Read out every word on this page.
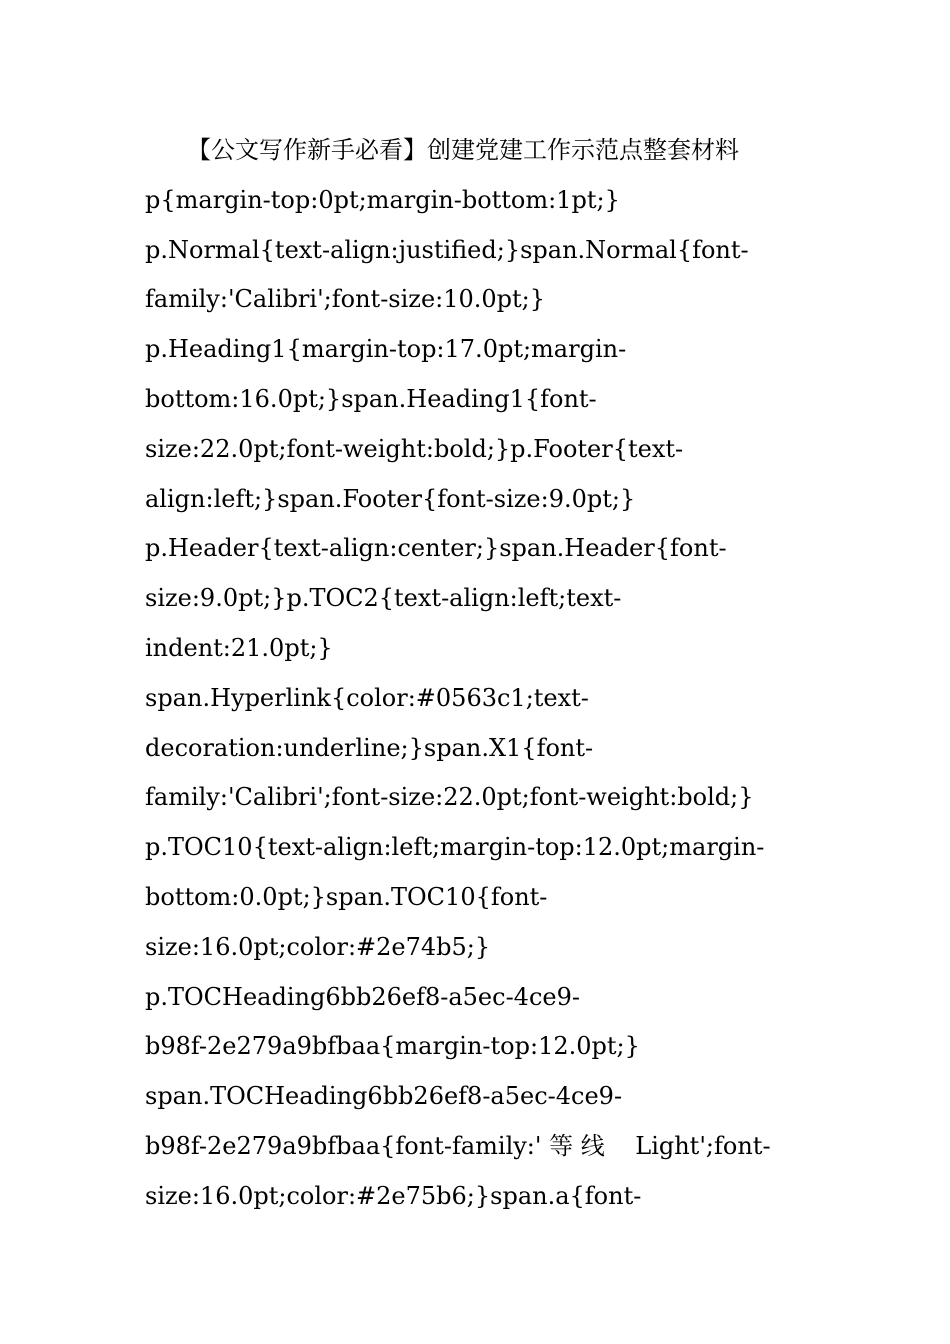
【公文写作新手必看】创建党建工作示范点整套材料
p{margin-top:0pt;margin-bottom:1pt;}
p.Normal{text-align:justified;}span.Normal{font-
family:'Calibri';font-size:10.0pt;}
p.Heading1{margin-top:17.0pt;margin-
bottom:16.0pt;}span.Heading1{font-
size:22.0pt;font-weight:bold;}p.Footer{text-
align:left;}span.Footer{font-size:9.0pt;}
p.Header{text-align:center;}span.Header{font-
size:9.0pt;}p.TOC2{text-align:left;text-
indent:21.0pt;}
span.Hyperlink{color:#0563c1;text-
decoration:underline;}span.X1{font-
family:'Calibri';font-size:22.0pt;font-weight:bold;}
p.TOC10{text-align:left;margin-top:12.0pt;margin-
bottom:0.0pt;}span.TOC10{font-
size:16.0pt;color:#2e74b5;}
p.TOCHeading6bb26ef8-a5ec-4ce9-
b98f-2e279a9bfbaa{margin-top:12.0pt;}
span.TOCHeading6bb26ef8-a5ec-4ce9-
b98f-2e279a9bfbaa{font-family:' 等 线    Light';font-
size:16.0pt;color:#2e75b6;}span.a{font-
